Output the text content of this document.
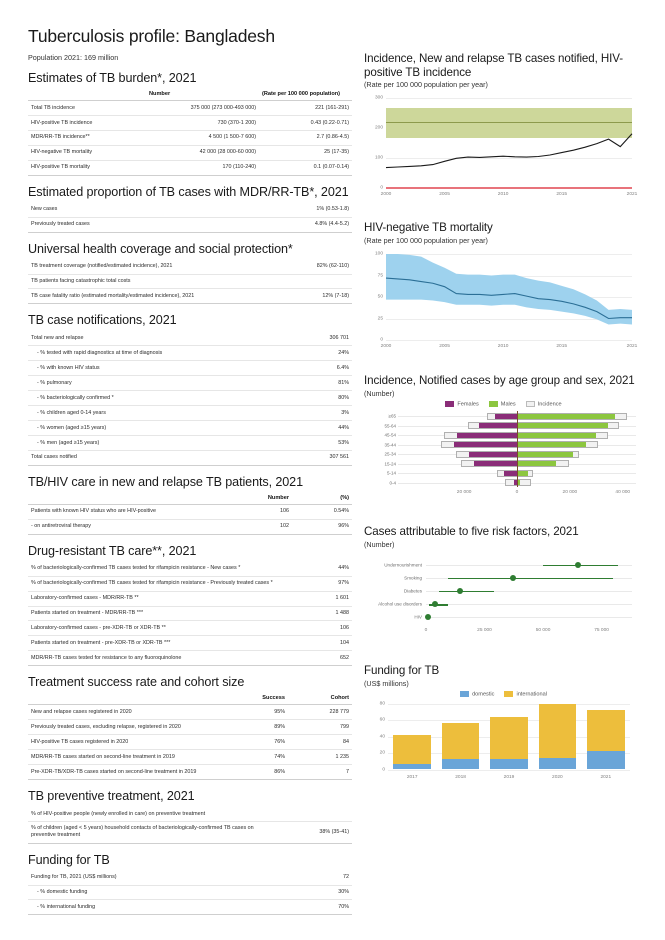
Tuberculosis profile: Bangladesh
Population 2021: 169 million
Estimates of TB burden*, 2021
	Number	(Rate per 100 000 population)
Total TB incidence	375 000 (273 000-493 000)	221 (161-291)
HIV-positive TB incidence	730 (370-1 200)	0.43 (0.22-0.71)
MDR/RR-TB incidence**	4 500 (1 500-7 600)	2.7 (0.86-4.5)
HIV-negative TB mortality	42 000 (28 000-60 000)	25 (17-35)
HIV-positive TB mortality	170 (110-240)	0.1 (0.07-0.14)
Estimated proportion of TB cases with MDR/RR-TB*, 2021
New cases	1% (0.53-1.8)
Previously treated cases	4.8% (4.4-5.2)
Universal health coverage and social protection*
TB treatment coverage (notified/estimated incidence), 2021	82% (62-110)
TB patients facing catastrophic total costs	
TB case fatality ratio (estimated mortality/estimated incidence), 2021	12% (7-18)
TB case notifications, 2021
Total new and relapse	306 701
- % tested with rapid diagnostics at time of diagnosis	24%
- % with known HIV status	6.4%
- % pulmonary	81%
- % bacteriologically confirmed *	80%
- % children aged 0-14 years	3%
- % women (aged ≥15 years)	44%
- % men (aged ≥15 years)	53%
Total cases notified	307 561
TB/HIV care in new and relapse TB patients, 2021
	Number	(%)
Patients with known HIV status who are HIV-positive	106	0.54%
- on antiretroviral therapy	102	96%
Drug-resistant TB care**, 2021
% of bacteriologically-confirmed TB cases tested for rifampicin resistance - New cases *	44%
% of bacteriologically-confirmed TB cases tested for rifampicin resistance - Previously treated cases *	97%
Laboratory-confirmed cases - MDR/RR-TB **	1 601
Patients started on treatment - MDR/RR-TB ***	1 488
Laboratory-confirmed cases - pre-XDR-TB or XDR-TB **	106
Patients started on treatment - pre-XDR-TB or XDR-TB ***	104
MDR/RR-TB cases tested for resistance to any fluoroquinolone	652
Treatment success rate and cohort size
	Success	Cohort
New and relapse cases registered in 2020	95%	228 779
Previously treated cases, excluding relapse, registered in 2020	89%	799
HIV-positive TB cases registered in 2020	76%	84
MDR/RR-TB cases started on second-line treatment in 2019	74%	1 235
Pre-XDR-TB/XDR-TB cases started on second-line treatment in 2019	86%	7
TB preventive treatment, 2021
% of HIV-positive people (newly enrolled in care) on preventive treatment	
% of children (aged < 5 years) household contacts of bacteriologically-confirmed TB cases on preventive treatment	38% (35-41)
Funding for TB
Funding for TB, 2021 (US$ millions)	72
- % domestic funding	30%
- % international funding	70%
Incidence, New and relapse TB cases notified, HIV-positive TB incidence
(Rate per 100 000 population per year)
0
100
200
300
2000	2005	2010	2015	2021
HIV-negative TB mortality
(Rate per 100 000 population per year)
0
25
50
75
100
2000	2005	2010	2015	2021
Incidence, Notified cases by age group and sex, 2021
(Number)
Females	Males	Incidence
≥65
55-64
45-54
35-44
25-34
15-24
5-14
0-4
20 000	0	20 000	40 000
Cases attributable to five risk factors, 2021
(Number)
Undernourishment
Smoking
Diabetes
Alcohol use disorders
HIV
0	25 000	50 000	75 000
Funding for TB
(US$ millions)
domestic	international
0
20
40
60
80
2017	2018	2019	2020	2021
